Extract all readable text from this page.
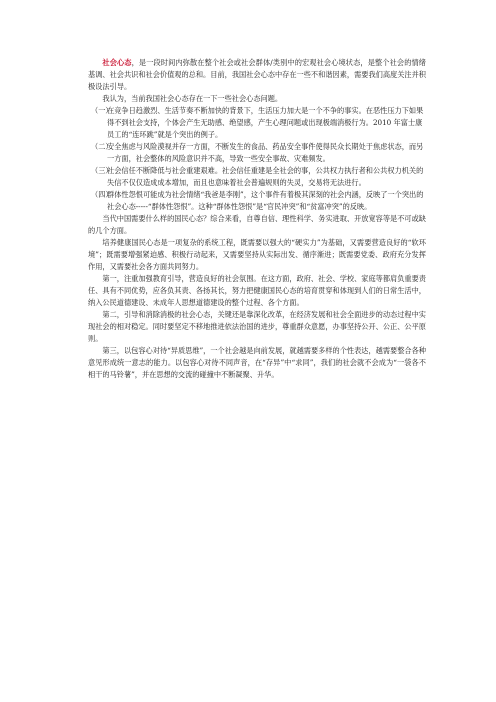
社会心态，是一段时间内弥散在整个社会或社会群体/类别中的宏观社会心境状态，是整个社会的情绪基调、社会共识和社会价值观的总和。目前，我国社会心态中存在一些不和谐因素，需要我们高度关注并积极设法引导。

我认为，当前我国社会心态存在一下一些社会心态问题。

（一）
在竞争日趋激烈、生活节奏不断加快的背景下，生活压力加大是一个不争的事实。在恶性压力下如果得不到社会支持，个体会产生无助感、绝望感，产生心理问题或出现极端消极行为。2010 年富士康员工的“连环跳”就是个突出的例子。
（二）
安全焦虑与风险漠视并存一方面，不断发生的食品、药品安全事件使得民众长期处于焦虑状态，而另一方面，社会整体的风险意识并不高，导致一些安全事故、灾难频发。
（三）
社会信任不断降低与社会重建艰难。社会信任重建是全社会的事，公共权力执行者和公共权力机关的失信不仅仅造成成本增加，而且也意味着社会普遍规则的失灵，交易将无法进行。
（四）
群体性怨恨可能成为社会情绪“我爸是李刚”，这个事件有着极其深刻的社会内涵，反映了一个突出的社会心态-----“群体性怨恨”。这种“群体性怨恨”是“官民冲突”和“贫富冲突”的反映。

当代中国需要什么样的国民心态？综合来看，自尊自信、理性科学、务实进取、开放宽容等是不可或缺的几个方面。

培养健康国民心态是一项复杂的系统工程，既需要以强大的“硬实力”为基础，又需要营造良好的“软环境”；既需要增强紧迫感、积极行动起来，又需要坚持从实际出发、循序渐进；既需要党委、政府充分发挥作用，又需要社会各方面共同努力。

第一，注重加强教育引导，营造良好的社会氛围。在这方面，政府、社会、学校、家庭等都肩负重要责任、具有不同优势，应各负其责、各扬其长，努力把健康国民心态的培育贯穿和体现到人们的日常生活中，纳入公民道德建设、未成年人思想道德建设的整个过程、各个方面。

第二，引导和消除消极的社会心态，关键还是靠深化改革，在经济发展和社会全面进步的动态过程中实现社会的相对稳定。同时要坚定不移地推进依法治国的进步，尊重群众意愿，办事坚持公开、公正、公平原则。

第三，以包容心对待“异质思维”，一个社会越是向前发展，就越需要多样的个性表达，越需要整合各种意见形成统一意志的能力。以包容心对待不同声音，在“存异”中“求同”，我们的社会就不会成为“一袋各不相干的马铃薯”，并在思想的交流的碰撞中不断凝聚、升华。
